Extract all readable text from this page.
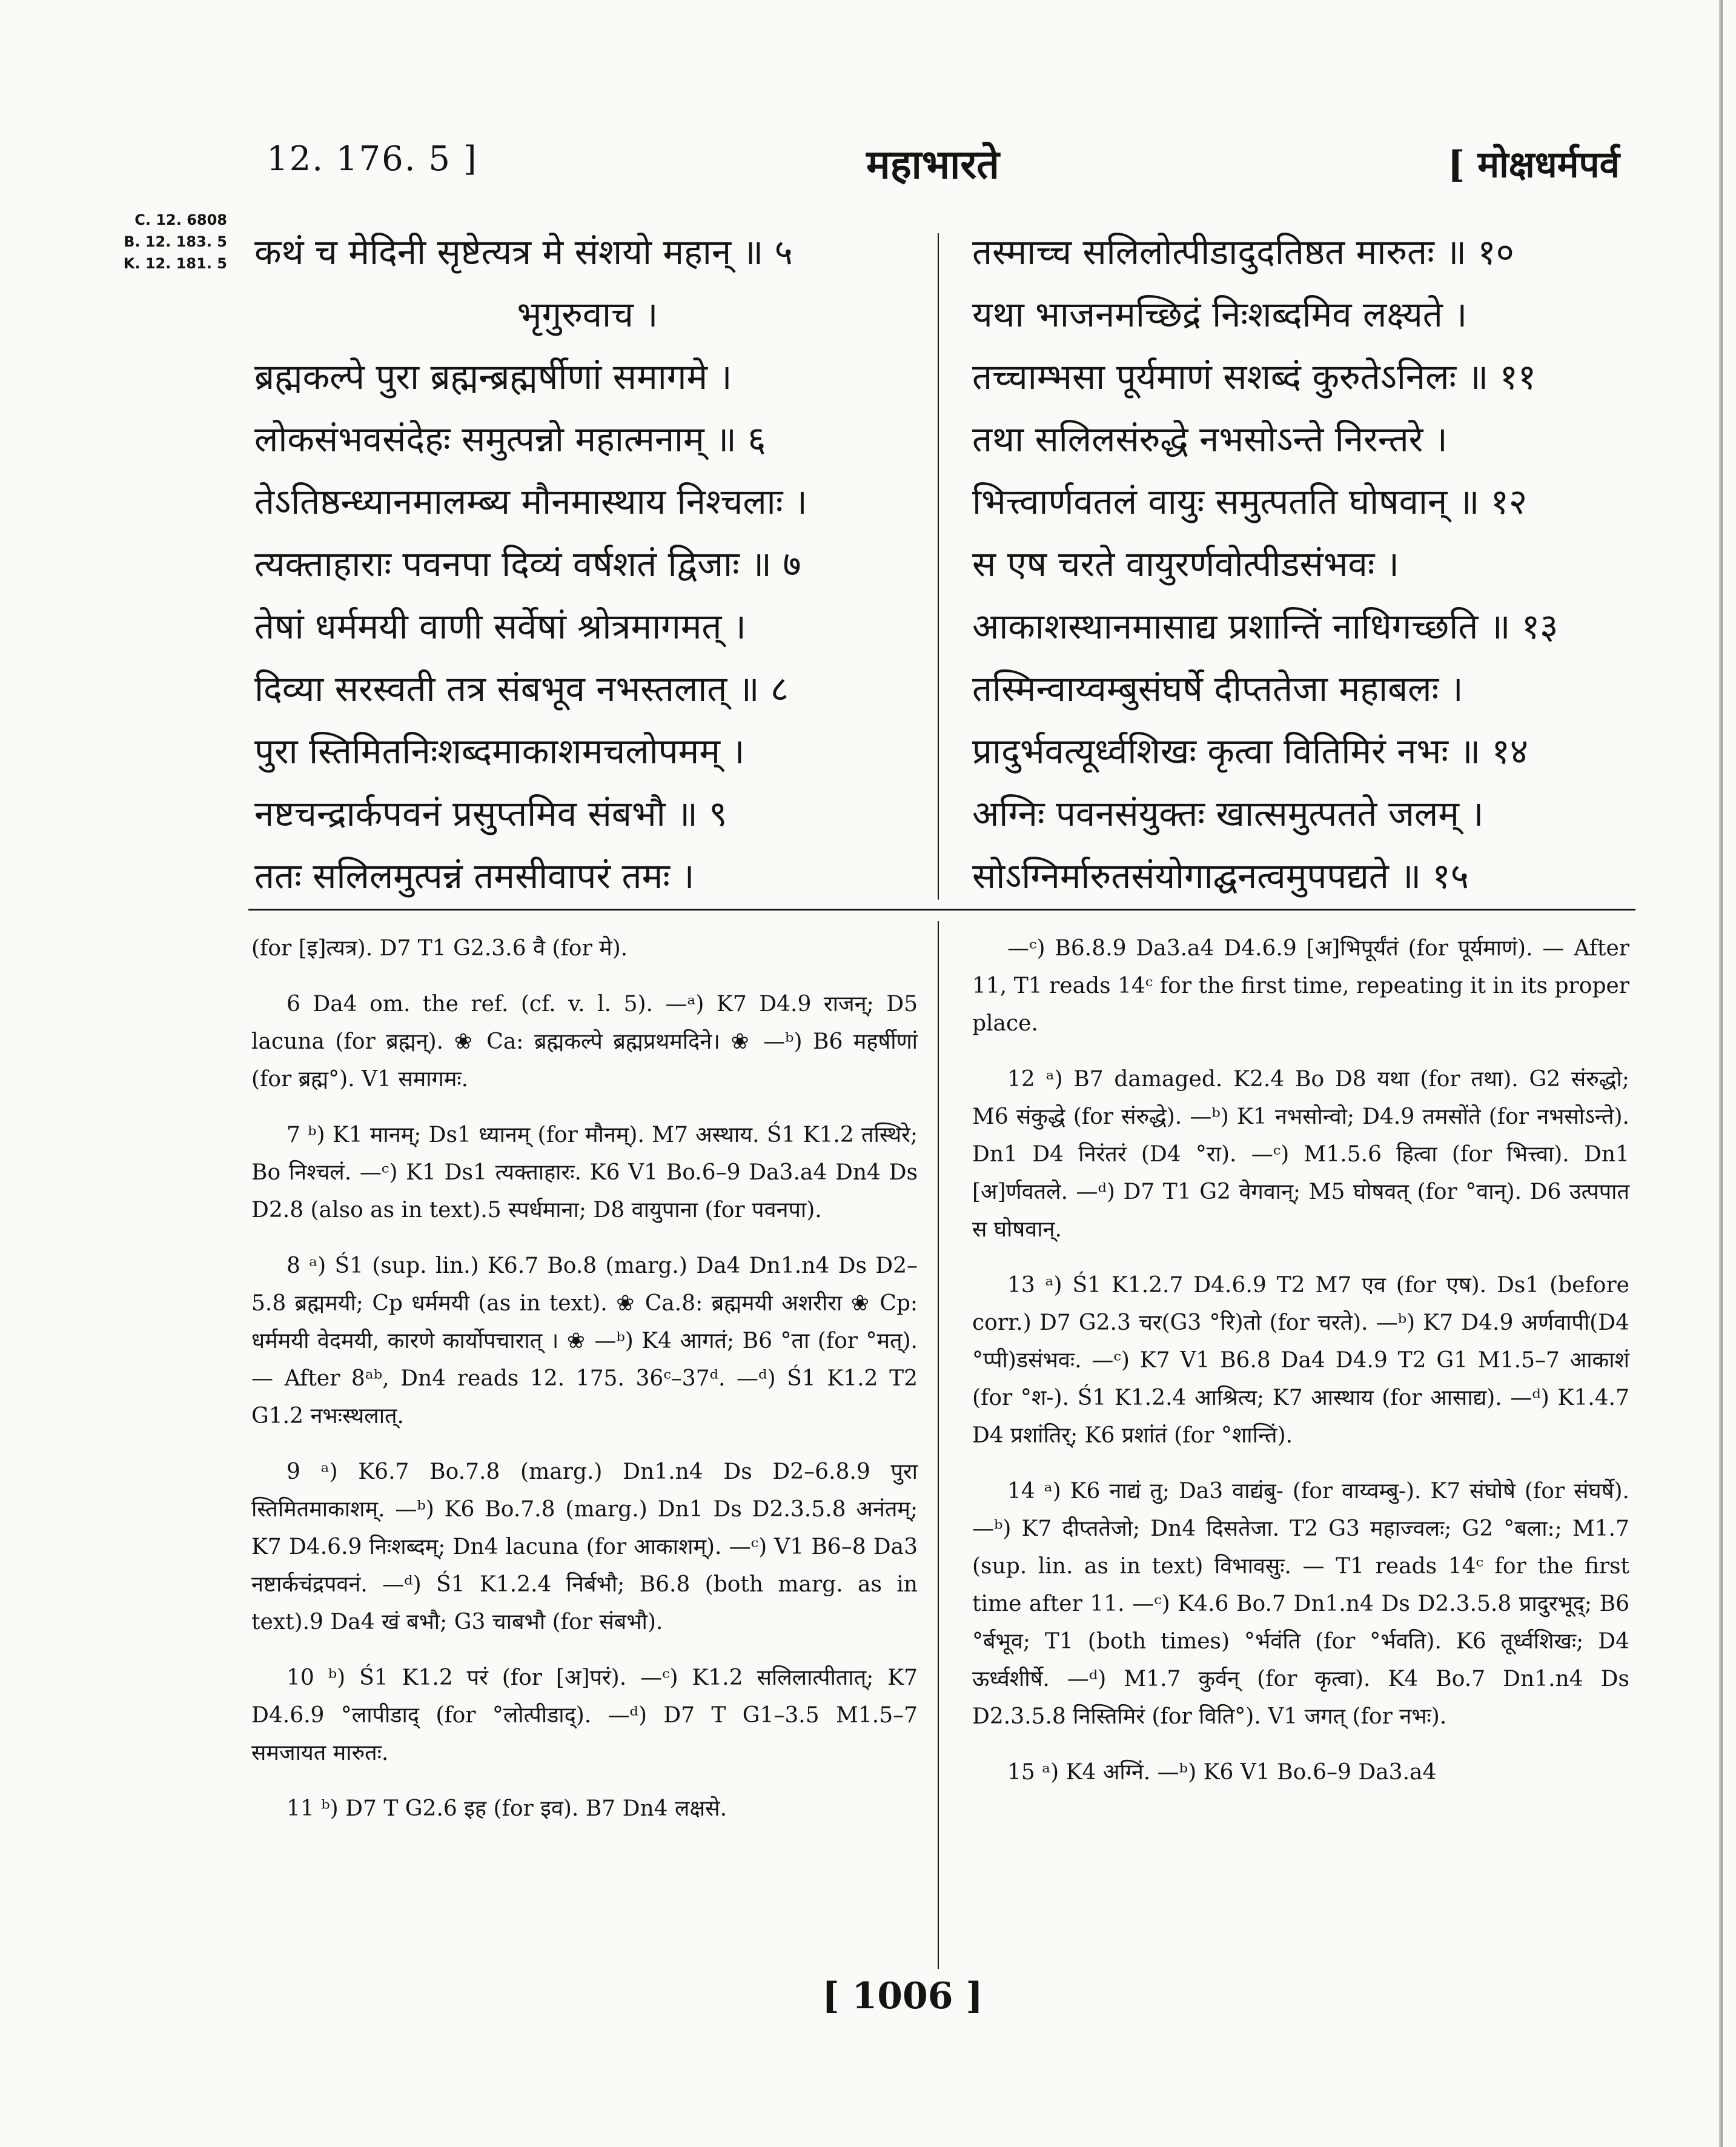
12. 176. 5 ]	महाभारते	[ मोक्षधर्मपर्व
C. 12. 6808
B. 12. 183. 5
K. 12. 181. 5 कथं च मेदिनी सृष्टेत्यत्र मे संशयो महान् ॥ ५
भृगुरुवाच ।
ब्रह्मकल्पे पुरा ब्रह्मन्ब्रह्मर्षीणां समागमे ।
लोकसंभवसंदेहः समुत्पन्नो महात्मनाम् ॥ ६
तेऽतिष्ठन्ध्यानमालम्ब्य मौनमास्थाय निश्चलाः ।
त्यक्ताहाराः पवनपा दिव्यं वर्षशतं द्विजाः ॥ ७
तेषां धर्ममयी वाणी सर्वेषां श्रोत्रमागमत् ।
दिव्या सरस्वती तत्र संबभूव नभस्तलात् ॥ ८
पुरा स्तिमितनिःशब्दमाकाशमचलोपमम् ।
नष्टचन्द्रार्कपवनं प्रसुप्तमिव संबभौ ॥ ९
ततः सलिलमुत्पन्नं तमसीवापरं तमः ।
तस्माच्च सलिलोत्पीडादुदतिष्ठत मारुतः ॥ १०
यथा भाजनमच्छिद्रं निःशब्दमिव लक्ष्यते ।
तच्चाम्भसा पूर्यमाणं सशब्दं कुरुतेऽनिलः ॥ ११
तथा सलिलसंरुद्धे नभसोऽन्ते निरन्तरे ।
भित्त्वार्णवतलं वायुः समुत्पतति घोषवान् ॥ १२
स एष चरते वायुरर्णवोत्पीडसंभवः ।
आकाशस्थानमासाद्य प्रशान्तिं नाधिगच्छति ॥ १३
तस्मिन्वाय्वम्बुसंघर्षे दीप्ततेजा महाबलः ।
प्रादुर्भवत्यूर्ध्वशिखः कृत्वा वितिमिरं नभः ॥ १४
अग्निः पवनसंयुक्तः खात्समुत्पतते जलम् ।
सोऽग्निर्मारुतसंयोगाद्घनत्वमुपपद्यते ॥ १५

(for [इ]त्यत्र). D7 T1 G2.3.6 वै (for मे).

6 Da4 om. the ref. (cf. v. l. 5). —ᵃ) K7 D4.9 राजन्; D5 lacuna (for ब्रह्मन्). ❀ Ca: ब्रह्मकल्पे ब्रह्मप्रथमदिने। ❀ —ᵇ) B6 महर्षीणां (for ब्रह्म°). V1 समागमः.

7 ᵇ) K1 मानम्; Ds1 ध्यानम् (for मौनम्). M7 अस्थाय. Ś1 K1.2 तस्थिरे; Bo निश्चलं. —ᶜ) K1 Ds1 त्यक्ताहारः. K6 V1 Bo.6–9 Da3.a4 Dn4 Ds D2.8 (also as in text).5 स्पर्धमाना; D8 वायुपाना (for पवनपा).

8 ᵃ) Ś1 (sup. lin.) K6.7 Bo.8 (marg.) Da4 Dn1.n4 Ds D2–5.8 ब्रह्ममयी; Cp धर्ममयी (as in text). ❀ Ca.8: ब्रह्ममयी अशरीरा ❀ Cp: धर्ममयी वेदमयी, कारणे कार्योपचारात् । ❀ —ᵇ) K4 आगतं; B6 °ता (for °मत्). — After 8ᵃᵇ, Dn4 reads 12. 175. 36ᶜ–37ᵈ. —ᵈ) Ś1 K1.2 T2 G1.2 नभःस्थलात्.

9 ᵃ) K6.7 Bo.7.8 (marg.) Dn1.n4 Ds D2–6.8.9 पुरा स्तिमितमाकाशम्. —ᵇ) K6 Bo.7.8 (marg.) Dn1 Ds D2.3.5.8 अनंतम्; K7 D4.6.9 निःशब्दम्; Dn4 lacuna (for आकाशम्). —ᶜ) V1 B6–8 Da3 नष्टार्कचंद्रपवनं. —ᵈ) Ś1 K1.2.4 निर्बभौ; B6.8 (both marg. as in text).9 Da4 खं बभौ; G3 चाबभौ (for संबभौ).

10 ᵇ) Ś1 K1.2 परं (for [अ]परं). —ᶜ) K1.2 सलिलात्पीतात्; K7 D4.6.9 °लापीडाद् (for °लोत्पीडाद्). —ᵈ) D7 T G1–3.5 M1.5–7 समजायत मारुतः.

11 ᵇ) D7 T G2.6 इह (for इव). B7 Dn4 लक्षसे.

—ᶜ) B6.8.9 Da3.a4 D4.6.9 [अ]भिपूर्यंतं (for पूर्यमाणं). — After 11, T1 reads 14ᶜ for the first time, repeating it in its proper place.

12 ᵃ) B7 damaged. K2.4 Bo D8 यथा (for तथा). G2 संरुद्धो; M6 संकुद्धे (for संरुद्धे). —ᵇ) K1 नभसोन्वो; D4.9 तमसोंते (for नभसोऽन्ते). Dn1 D4 निरंतरं (D4 °रा). —ᶜ) M1.5.6 हित्वा (for भित्त्वा). Dn1 [अ]र्णवतले. —ᵈ) D7 T1 G2 वेगवान्; M5 घोषवत् (for °वान्). D6 उत्पपात स घोषवान्.

13 ᵃ) Ś1 K1.2.7 D4.6.9 T2 M7 एव (for एष). Ds1 (before corr.) D7 G2.3 चर(G3 °रि)तो (for चरते). —ᵇ) K7 D4.9 अर्णवापी(D4 °प्पी)डसंभवः. —ᶜ) K7 V1 B6.8 Da4 D4.9 T2 G1 M1.5–7 आकाशं (for °श-). Ś1 K1.2.4 आश्रित्य; K7 आस्थाय (for आसाद्य). —ᵈ) K1.4.7 D4 प्रशांतिर्; K6 प्रशांतं (for °शान्तिं).

14 ᵃ) K6 नाद्यं तु; Da3 वाद्यंबु- (for वाय्वम्बु-). K7 संघोषे (for संघर्षे). —ᵇ) K7 दीप्ततेजो; Dn4 दिसतेजा. T2 G3 महाज्वलः; G2 °बला:; M1.7 (sup. lin. as in text) विभावसुः. — T1 reads 14ᶜ for the first time after 11. —ᶜ) K4.6 Bo.7 Dn1.n4 Ds D2.3.5.8 प्रादुरभूद्; B6 °र्बभूव; T1 (both times) °र्भवंति (for °र्भवति). K6 तूर्ध्वशिखः; D4 ऊर्ध्वशीर्षे. —ᵈ) M1.7 कुर्वन् (for कृत्वा). K4 Bo.7 Dn1.n4 Ds D2.3.5.8 निस्तिमिरं (for विति°). V1 जगत् (for नभः).

15 ᵃ) K4 अग्निं. —ᵇ) K6 V1 Bo.6–9 Da3.a4

[ 1006 ]
